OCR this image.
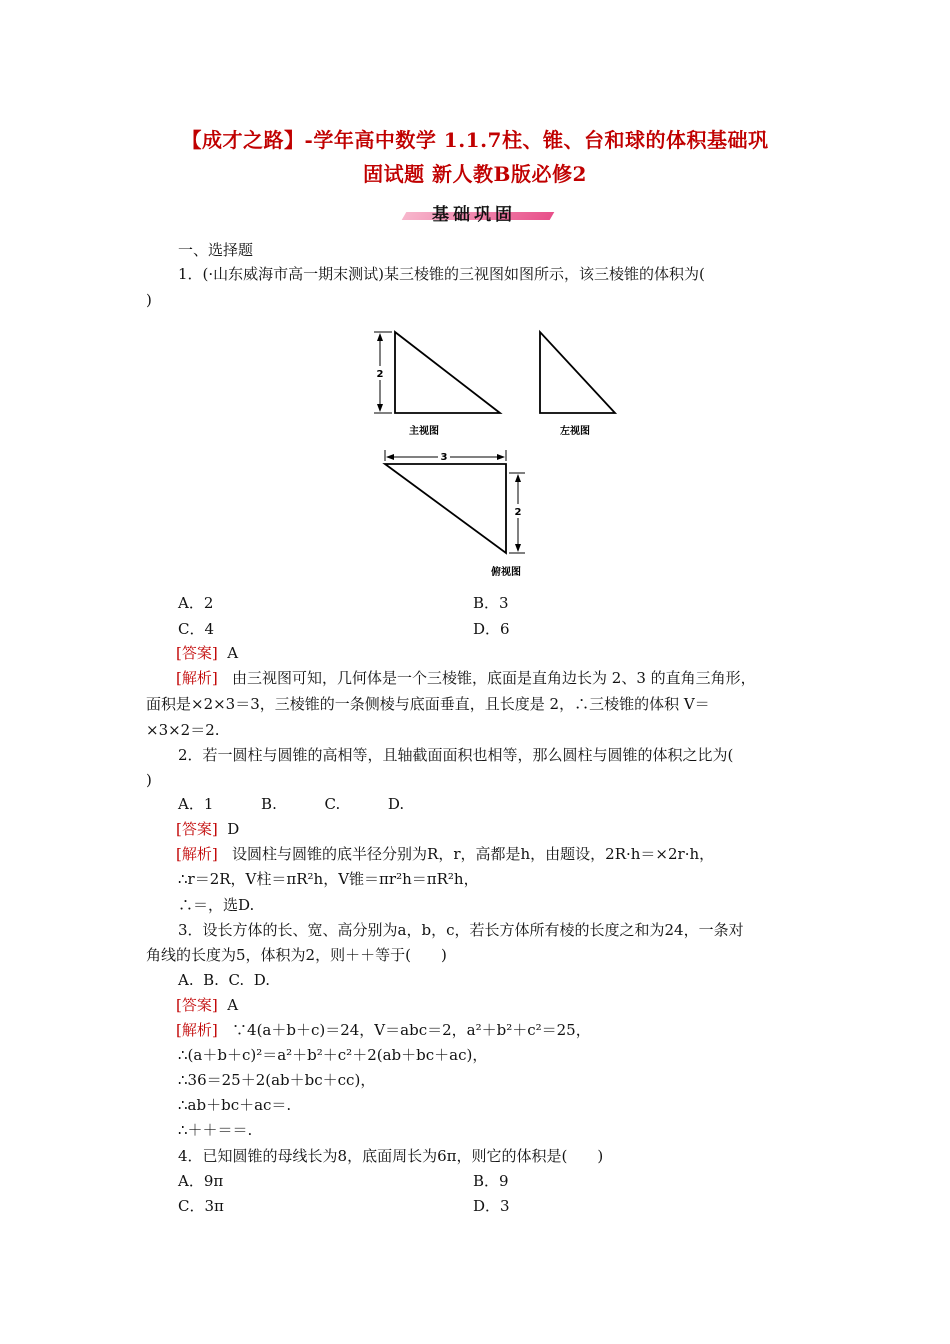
【成才之路】-学年高中数学 1.1.7柱、锥、台和球的体积基础巩
固试题 新人教B版必修2
基础巩固
一、选择题
1．(·山东威海市高一期末测试)某三棱锥的三视图如图所示，该三棱锥的体积为(
)
2
主视图	左视图
3
2
俯视图
A．2	B．3
C．4	D．6
[答案] A
[解析] 由三视图可知，几何体是一个三棱锥，底面是直角边长为 2、3 的直角三角形，
面积是×2×3＝3，三棱锥的一条侧棱与底面垂直，且长度是 2，∴三棱锥的体积 V＝
×3×2＝2.
2．若一圆柱与圆锥的高相等，且轴截面面积也相等，那么圆柱与圆锥的体积之比为(
)
A．1          B.          C.          D.
[答案] D
[解析] 设圆柱与圆锥的底半径分别为R，r，高都是h，由题设，2R·h＝×2r·h，
∴r＝2R，V柱＝πR²h，V锥＝πr²h＝πR²h，
∴＝，选D.
3．设长方体的长、宽、高分别为a，b，c，若长方体所有棱的长度之和为24，一条对
角线的长度为5，体积为2，则＋＋等于(　　)
A.  B.  C.  D.
[答案] A
[解析] ∵4(a＋b＋c)＝24，V＝abc＝2，a²＋b²＋c²＝25，
∴(a＋b＋c)²＝a²＋b²＋c²＋2(ab＋bc＋ac)，
∴36＝25＋2(ab＋bc＋cc)，
∴ab＋bc＋ac＝.
∴＋＋＝＝.
4．已知圆锥的母线长为8，底面周长为6π，则它的体积是(　　)
A．9π	B．9
C．3π	D．3
